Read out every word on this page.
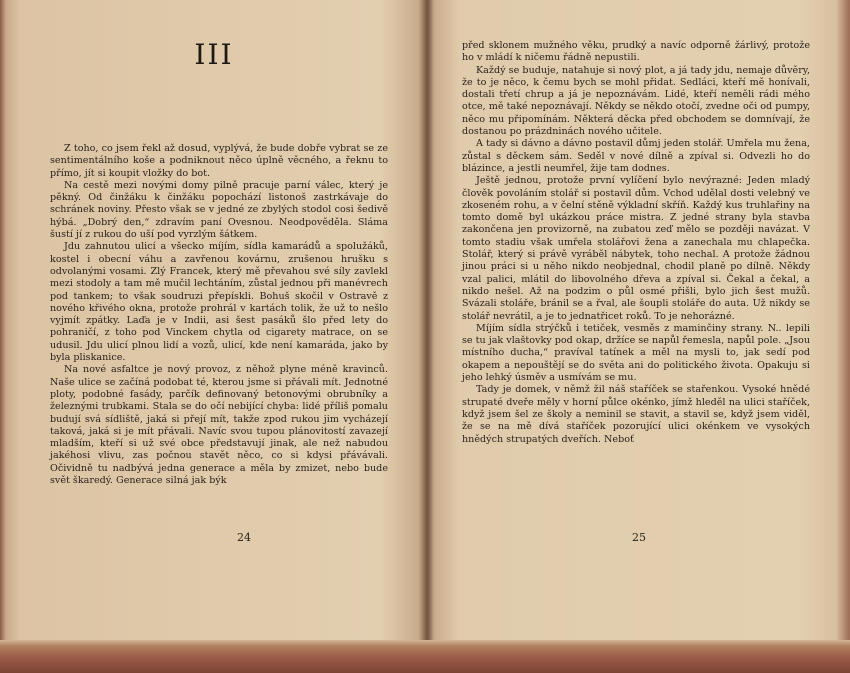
III

Z toho, co jsem řekl až dosud, vyplývá, že bude dobře vybrat se ze sentimentálního koše a podniknout něco úplně věcného, a řeknu to přímo, jít si koupit vložky do bot.

Na cestě mezi novými domy pilně pracuje parní válec, který je pěkný. Od činžáku k činžáku popochází listonoš zastrkávaje do schránek noviny. Přesto však se v jedné ze zbylých stodol cosi šedivě hýbá. „Dobrý den,“ zdravím paní Ovesnou. Neodpověděla. Sláma šustí jí z rukou do uší pod vyrzlým šátkem.

Jdu zahnutou ulicí a všecko míjím, sídla kamarádů a spolužáků, kostel i obecní váhu a zavřenou kovárnu, zrušenou hrušku s odvolanými vosami. Zlý Francek, který mě převahou své síly zavlekl mezi stodoly a tam mě mučil lechtáním, zůstal jednou při manévrech pod tankem; to však soudruzi přepískli. Bohuš skočil v Ostravě z nového křivého okna, protože prohrál v kartách tolik, že už to nešlo vyjmít zpátky. Laďa je v Indii, asi šest pasáků šlo před lety do pohraničí, z toho pod Vinckem chytla od cigarety matrace, on se udusil. Jdu ulicí plnou lidí a vozů, ulicí, kde není kamaráda, jako by byla pliskanice.

Na nové asfaltce je nový provoz, z něhož plyne méně kravinců. Naše ulice se začíná podobat té, kterou jsme si přávali mít. Jednotné ploty, podobné fasády, parčík definovaný betonovými obrubníky a železnými trubkami. Stala se do očí nebijící chyba: lidé příliš pomalu budují svá sídliště, jaká si přejí mít, takže zpod rukou jim vycházejí taková, jaká si je mít přávali. Navíc svou tupou plánovitostí zavazejí mladším, kteří si už své obce představují jinak, ale než nabudou jakéhosi vlivu, zas počnou stavět něco, co si kdysi přávávali. Očividně tu nadbývá jedna generace a měla by zmizet, nebo bude svět škaredý. Generace silná jak býk

24

před sklonem mužného věku, prudký a navíc odporně žárlivý, protože ho v mládí k ničemu řádně nepustili.

Každý se buduje, natahuje si nový plot, a já tady jdu, nemaje důvěry, že to je něco, k čemu bych se mohl přidat. Sedláci, kteří mě honívali, dostali třetí chrup a já je nepoznávám. Lidé, kteří neměli rádi mého otce, mě také nepoznávají. Někdy se někdo otočí, zvedne oči od pumpy, něco mu připomínám. Některá děcka před obchodem se domnívají, že dostanou po prázdninách nového učitele.

A tady si dávno a dávno postavil důmj jeden stolář. Umřela mu žena, zůstal s děckem sám. Seděl v nové dílně a zpíval si. Odvezli ho do blázince, a jestli neumřel, žije tam dodnes.

Ještě jednou, protože první vylíčení bylo nevýrazné: Jeden mladý člověk povoláním stolář si postavil dům. Vchod udělal dosti velebný ve zkoseném rohu, a v čelní stěně výkladní skříň. Každý kus truhlařiny na tomto domě byl ukázkou práce mistra. Z jedné strany byla stavba zakončena jen provizorně, na zubatou zeď mělo se později navázat. V tomto stadiu však umřela stolářovi žena a zanechala mu chlapečka. Stolář, který si právě vyráběl nábytek, toho nechal. A protože žádnou jinou práci si u něho nikdo neobjednal, chodil planě po dílně. Někdy vzal palici, mlátil do libovolného dřeva a zpíval si. Čekal a čekal, a nikdo nešel. Až na podzim o půl osmé přišli, bylo jich šest mužů. Svázali stoláře, bránil se a řval, ale šoupli stoláře do auta. Už nikdy se stolář nevrátil, a je to jednatřicet roků. To je nehorázné.

Míjím sídla strýčků i tetiček, vesměs z maminčiny strany. N.. lepili se tu jak vlaštovky pod okap, držíce se napůl řemesla, napůl pole. „Jsou místního ducha,“ pravíval tatínek a měl na mysli to, jak sedí pod okapem a nepouštějí se do světa ani do politického života. Opakuju si jeho lehký úsměv a usmívám se mu.

Tady je domek, v němž žil náš staříček se stařenkou. Vysoké hnědé strupaté dveře měly v horní půlce okénko, jímž hleděl na ulici staříček, když jsem šel ze školy a neminil se stavit, a stavil se, když jsem viděl, že se na mě dívá staříček pozorující ulici okénkem ve vysokých hnědých strupatých dveřích. Neboť

25
